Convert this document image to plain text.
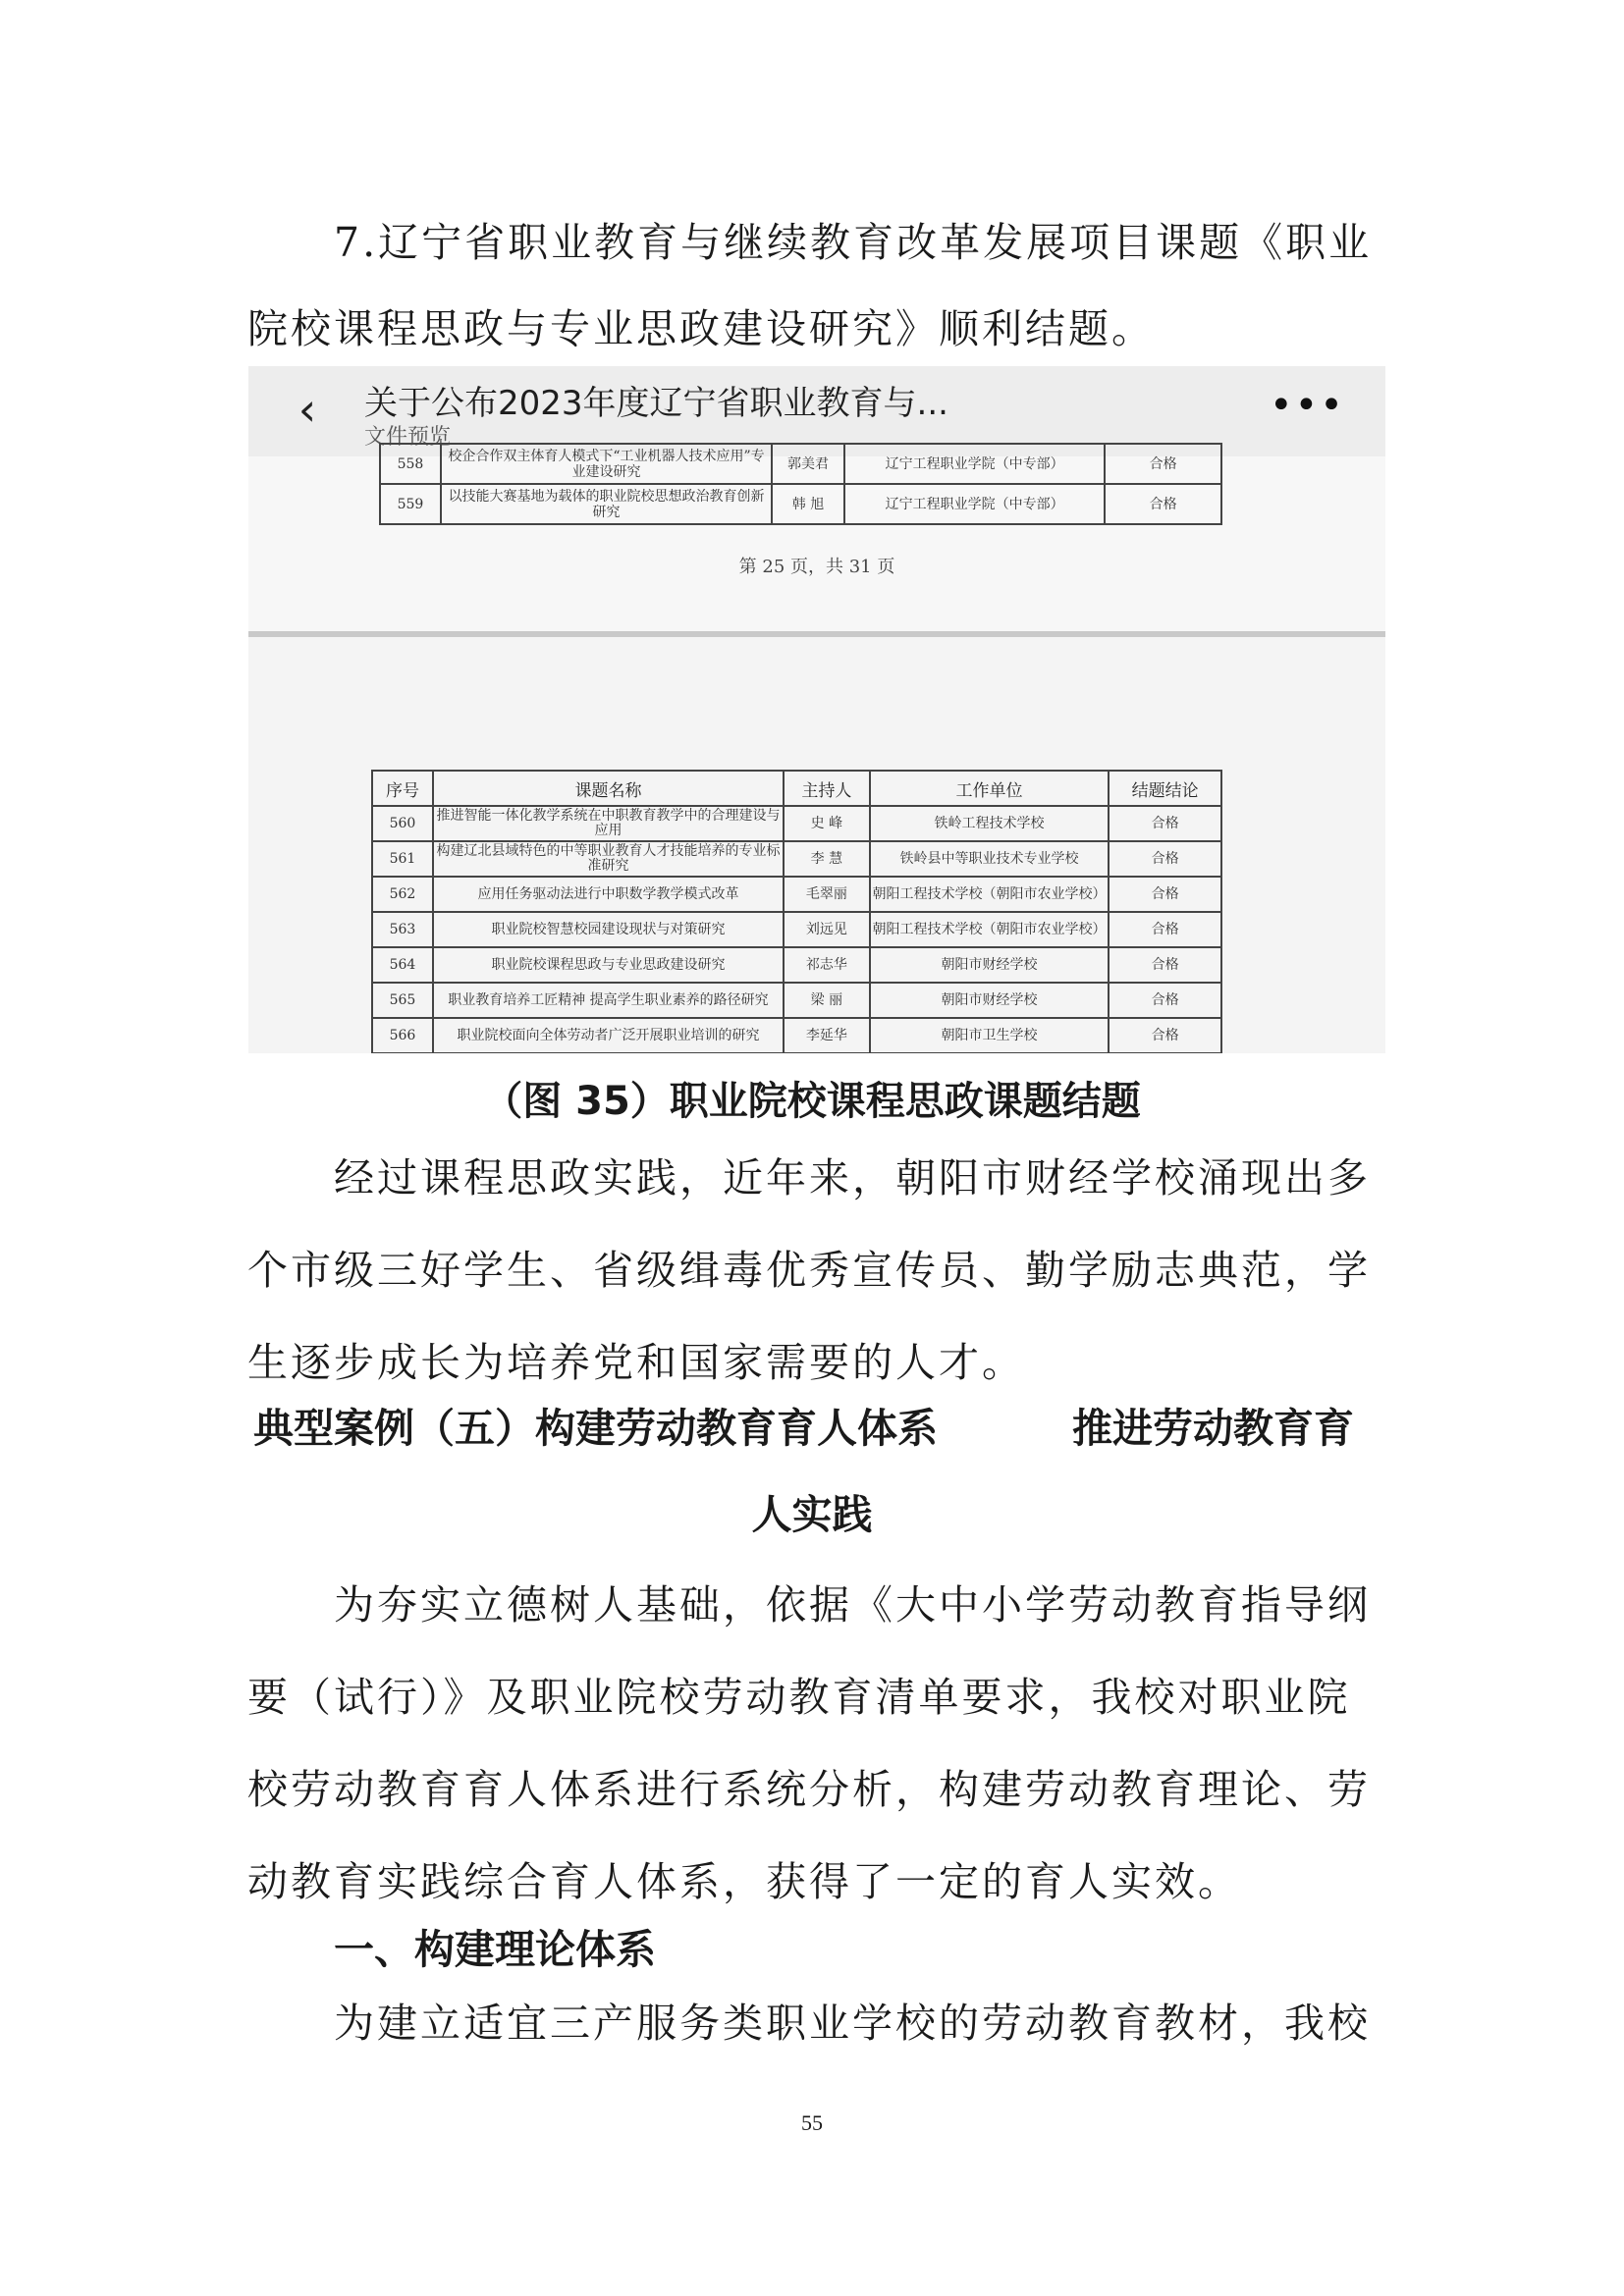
7.辽宁省职业教育与继续教育改革发展项目课题《职业
院校课程思政与专业思政建设研究》顺利结题。
‹	关于公布2023年度辽宁省职业教育与...
文件预览
•••
558	校企合作双主体育人模式下“工业机器人技术应用”专业建设研究	郭美君	辽宁工程职业学院（中专部）	合格
559	以技能大赛基地为载体的职业院校思想政治教育创新研究	韩 旭	辽宁工程职业学院（中专部）	合格
第 25 页，共 31 页
序号	课题名称	主持人	工作单位	结题结论
560	推进智能一体化教学系统在中职教育教学中的合理建设与应用	史 峰	铁岭工程技术学校	合格
561	构建辽北县域特色的中等职业教育人才技能培养的专业标准研究	李 慧	铁岭县中等职业技术专业学校	合格
562	应用任务驱动法进行中职数学教学模式改革	毛翠丽	朝阳工程技术学校（朝阳市农业学校）	合格
563	职业院校智慧校园建设现状与对策研究	刘远见	朝阳工程技术学校（朝阳市农业学校）	合格
564	职业院校课程思政与专业思政建设研究	祁志华	朝阳市财经学校	合格
565	职业教育培养工匠精神 提高学生职业素养的路径研究	梁 丽	朝阳市财经学校	合格
566	职业院校面向全体劳动者广泛开展职业培训的研究	李延华	朝阳市卫生学校	合格
（图 35）职业院校课程思政课题结题
经过课程思政实践，近年来，朝阳市财经学校涌现出多
个市级三好学生、省级缉毒优秀宣传员、勤学励志典范，学
生逐步成长为培养党和国家需要的人才。
典型案例（五）构建劳动教育育人体系	推进劳动教育育
人实践
为夯实立德树人基础，依据《大中小学劳动教育指导纲
要（试行）》及职业院校劳动教育清单要求，我校对职业院
校劳动教育育人体系进行系统分析，构建劳动教育理论、劳
动教育实践综合育人体系，获得了一定的育人实效。
一、构建理论体系
为建立适宜三产服务类职业学校的劳动教育教材，我校
55
